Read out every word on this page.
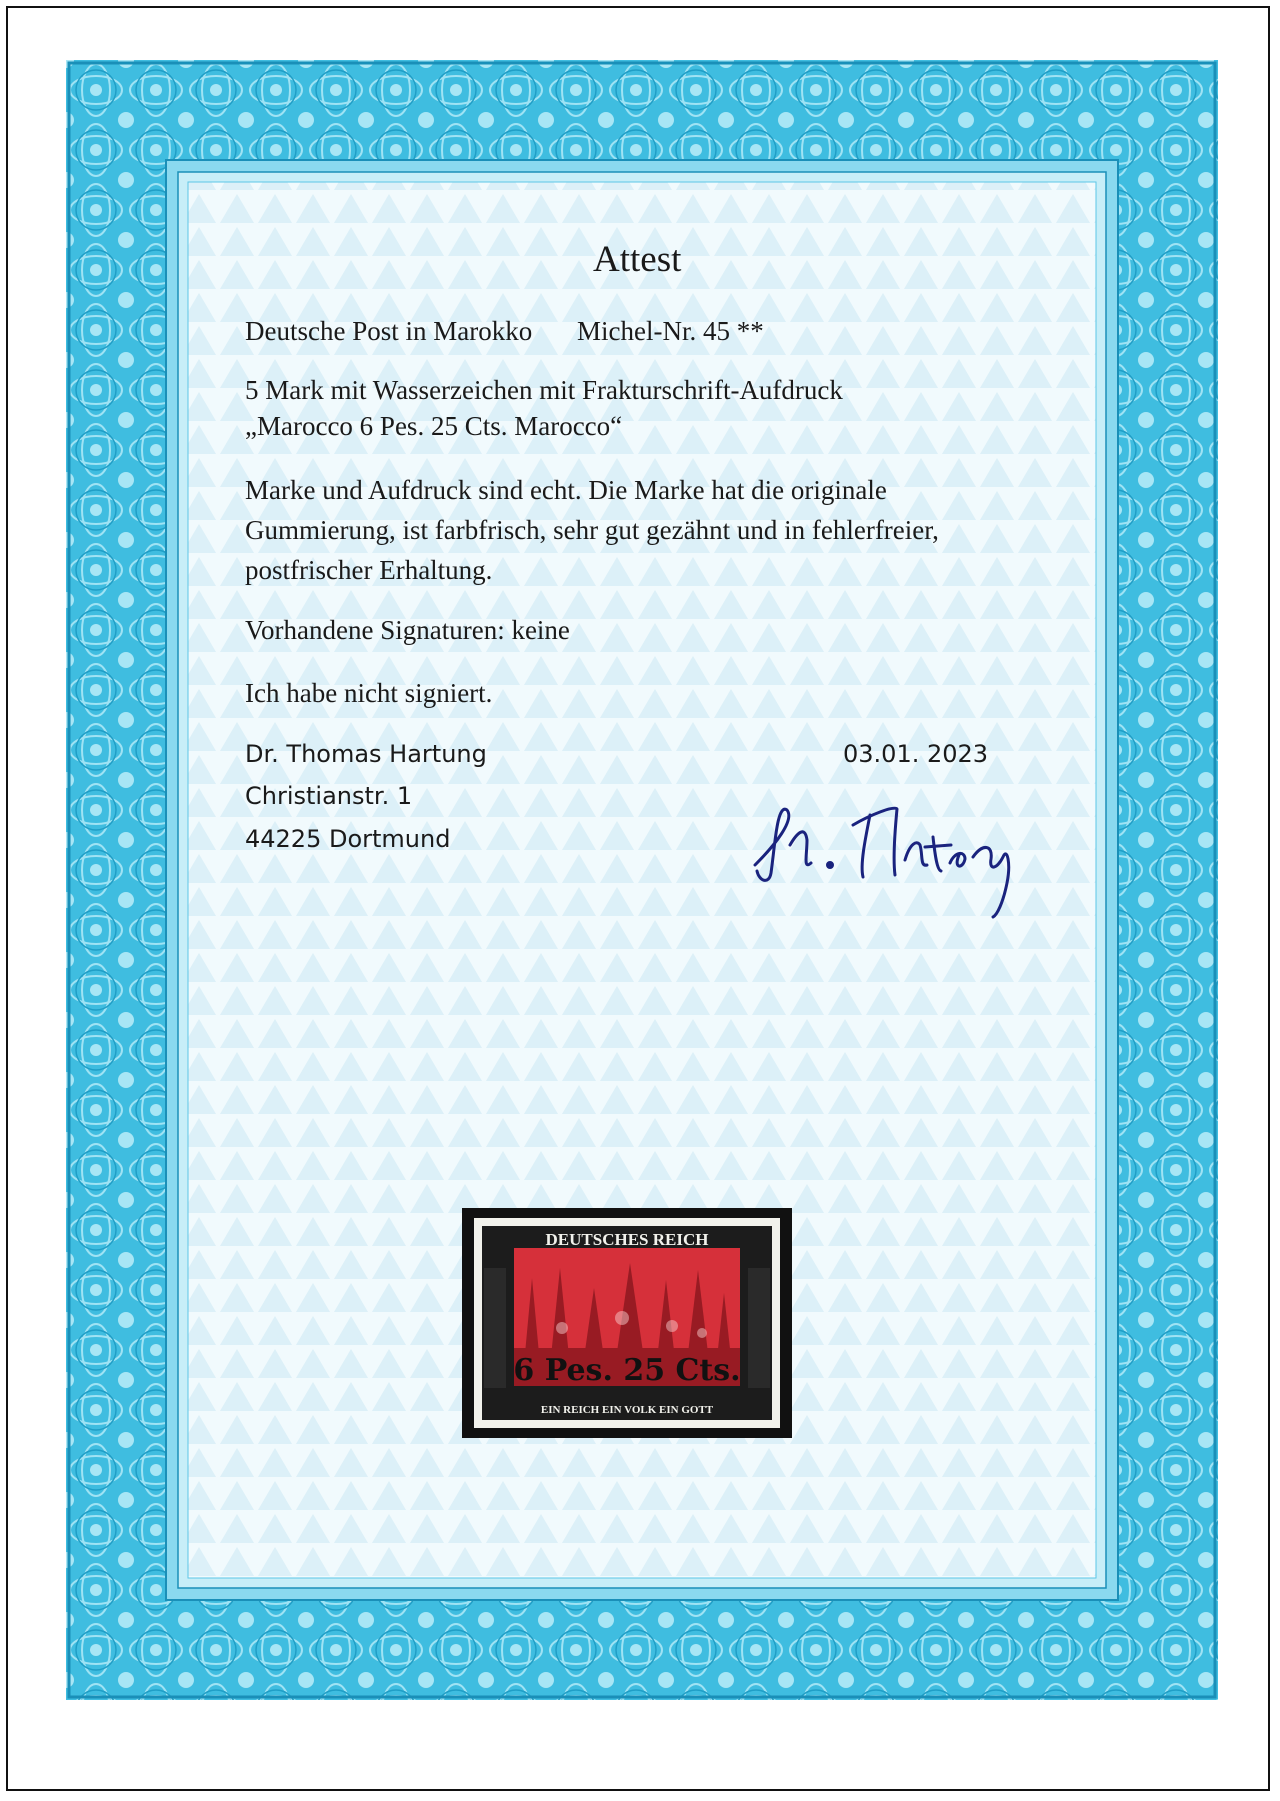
Attest
Deutsche Post in Marokko Michel-Nr. 45 **
5 Mark mit Wasserzeichen mit Frakturschrift-Aufdruck
„Marocco 6 Pes. 25 Cts. Marocco“
Marke und Aufdruck sind echt. Die Marke hat die originale
Gummierung, ist farbfrisch, sehr gut gezähnt und in fehlerfreier,
postfrischer Erhaltung.
Vorhandene Signaturen: keine
Ich habe nicht signiert.
Dr. Thomas Hartung	03.01. 2023
Christianstr. 1
44225 Dortmund
DEUTSCHES REICH
EIN REICH EIN VOLK EIN GOTT
6 Pes. 25 Cts.
